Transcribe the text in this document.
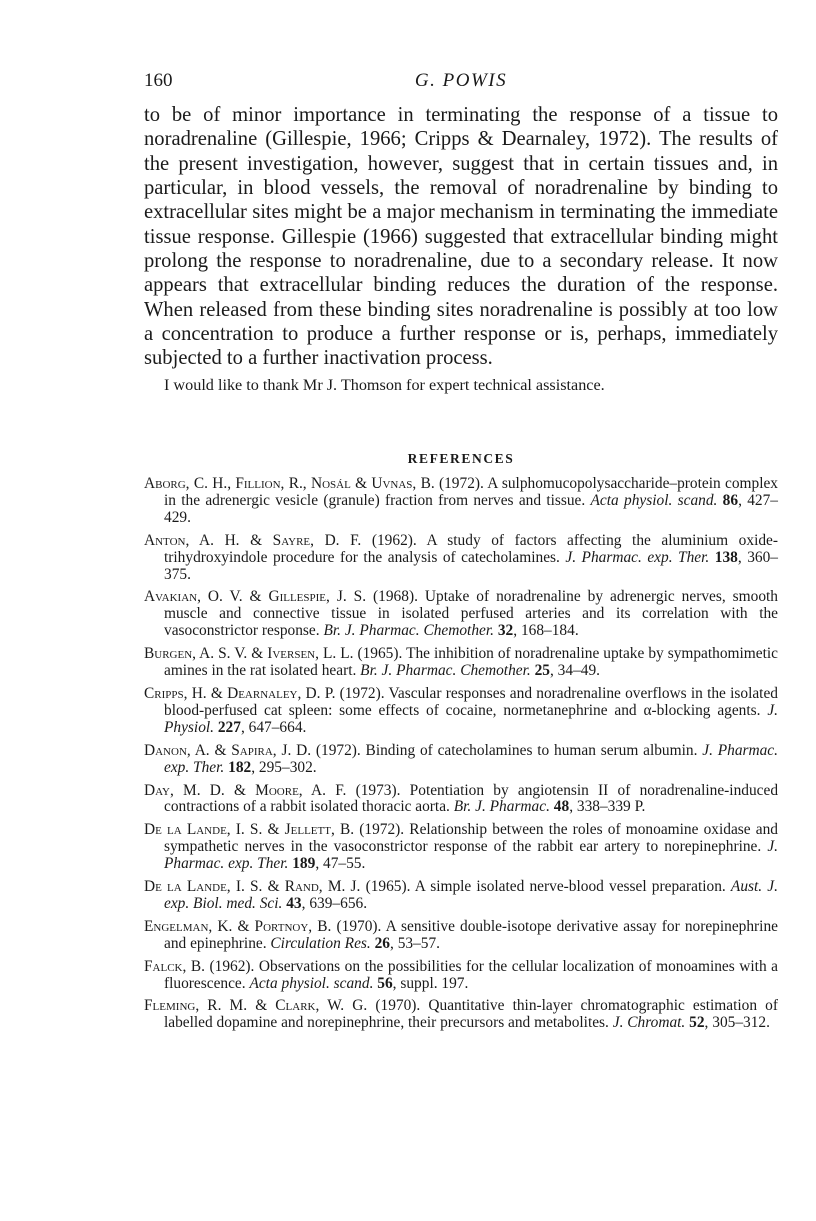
160	G. POWIS

to be of minor importance in terminating the response of a tissue to noradrenaline (Gillespie, 1966; Cripps & Dearnaley, 1972). The results of the present investigation, however, suggest that in certain tissues and, in particular, in blood vessels, the removal of noradrenaline by binding to extracellular sites might be a major mechanism in terminating the immediate tissue response. Gillespie (1966) suggested that extracellular binding might prolong the response to noradrenaline, due to a secondary release. It now appears that extracellular binding reduces the duration of the response. When released from these binding sites noradrenaline is possibly at too low a concentration to produce a further response or is, perhaps, immediately subjected to a further inactivation process.

I would like to thank Mr J. Thomson for expert technical assistance.

REFERENCES
Aborg, C. H., Fillion, R., Nosál & Uvnas, B. (1972). A sulphomucopolysaccharide–protein complex in the adrenergic vesicle (granule) fraction from nerves and tissue. Acta physiol. scand. 86, 427–429.
Anton, A. H. & Sayre, D. F. (1962). A study of factors affecting the aluminium oxide-trihydroxyindole procedure for the analysis of catecholamines. J. Pharmac. exp. Ther. 138, 360–375.
Avakian, O. V. & Gillespie, J. S. (1968). Uptake of noradrenaline by adrenergic nerves, smooth muscle and connective tissue in isolated perfused arteries and its correlation with the vasoconstrictor response. Br. J. Pharmac. Chemother. 32, 168–184.
Burgen, A. S. V. & Iversen, L. L. (1965). The inhibition of noradrenaline uptake by sympathomimetic amines in the rat isolated heart. Br. J. Pharmac. Chemother. 25, 34–49.
Cripps, H. & Dearnaley, D. P. (1972). Vascular responses and noradrenaline overflows in the isolated blood-perfused cat spleen: some effects of cocaine, normetanephrine and α-blocking agents. J. Physiol. 227, 647–664.
Danon, A. & Sapira, J. D. (1972). Binding of catecholamines to human serum albumin. J. Pharmac. exp. Ther. 182, 295–302.
Day, M. D. & Moore, A. F. (1973). Potentiation by angiotensin II of noradrenaline-induced contractions of a rabbit isolated thoracic aorta. Br. J. Pharmac. 48, 338–339 P.
De la Lande, I. S. & Jellett, B. (1972). Relationship between the roles of monoamine oxidase and sympathetic nerves in the vasoconstrictor response of the rabbit ear artery to norepinephrine. J. Pharmac. exp. Ther. 189, 47–55.
De la Lande, I. S. & Rand, M. J. (1965). A simple isolated nerve-blood vessel preparation. Aust. J. exp. Biol. med. Sci. 43, 639–656.
Engelman, K. & Portnoy, B. (1970). A sensitive double-isotope derivative assay for norepinephrine and epinephrine. Circulation Res. 26, 53–57.
Falck, B. (1962). Observations on the possibilities for the cellular localization of monoamines with a fluorescence. Acta physiol. scand. 56, suppl. 197.
Fleming, R. M. & Clark, W. G. (1970). Quantitative thin-layer chromatographic estimation of labelled dopamine and norepinephrine, their precursors and metabolites. J. Chromat. 52, 305–312.
